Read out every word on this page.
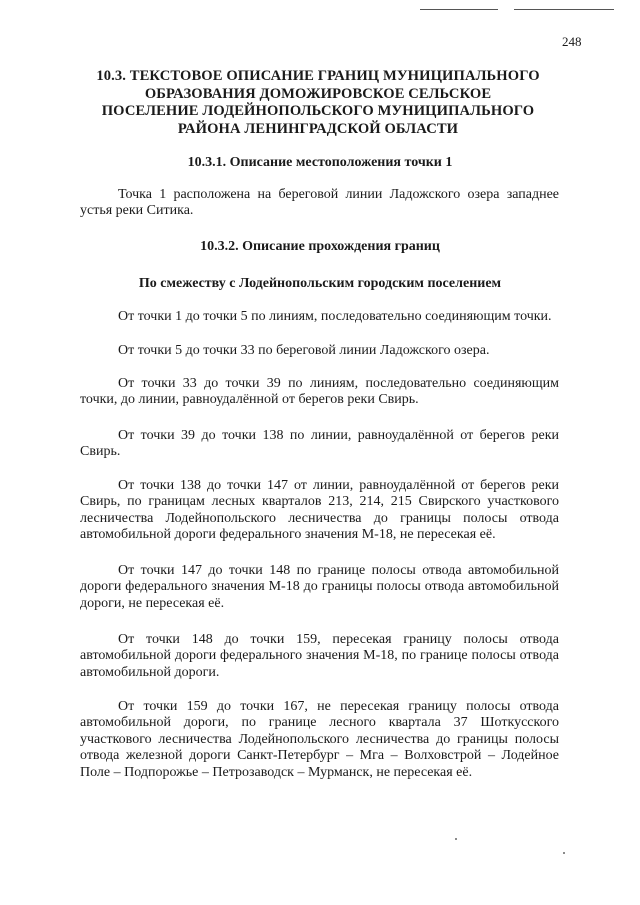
248
10.3. ТЕКСТОВОЕ ОПИСАНИЕ ГРАНИЦ МУНИЦИПАЛЬНОГО ОБРАЗОВАНИЯ ДОМОЖИРОВСКОЕ СЕЛЬСКОЕ ПОСЕЛЕНИЕ ЛОДЕЙНОПОЛЬСКОГО МУНИЦИПАЛЬНОГО РАЙОНА ЛЕНИНГРАДСКОЙ ОБЛАСТИ
10.3.1. Описание местоположения точки 1
Точка 1 расположена на береговой линии Ладожского озера западнее устья реки Ситика.
10.3.2. Описание прохождения границ
По смежеству с Лодейнопольским городским поселением
От точки 1 до точки 5 по линиям, последовательно соединяющим точки.
От точки 5 до точки 33 по береговой линии Ладожского озера.
От точки 33 до точки 39 по линиям, последовательно соединяющим точки, до линии, равноудалённой от берегов реки Свирь.
От точки 39 до точки 138 по линии, равноудалённой от берегов реки Свирь.
От точки 138 до точки 147 от линии, равноудалённой от берегов реки Свирь, по границам лесных кварталов 213, 214, 215 Свирского участкового лесничества Лодейнопольского лесничества до границы полосы отвода автомобильной дороги федерального значения М-18, не пересекая её.
От точки 147 до точки 148 по границе полосы отвода автомобильной дороги федерального значения М-18 до границы полосы отвода автомобильной дороги, не пересекая её.
От точки 148 до точки 159, пересекая границу полосы отвода автомобильной дороги федерального значения М-18, по границе полосы отвода автомобильной дороги.
От точки 159 до точки 167, не пересекая границу полосы отвода автомобильной дороги, по границе лесного квартала 37 Шоткусского участкового лесничества Лодейнопольского лесничества до границы полосы отвода железной дороги Санкт-Петербург – Мга – Волховстрой – Лодейное Поле – Подпорожье – Петрозаводск – Мурманск, не пересекая её.
